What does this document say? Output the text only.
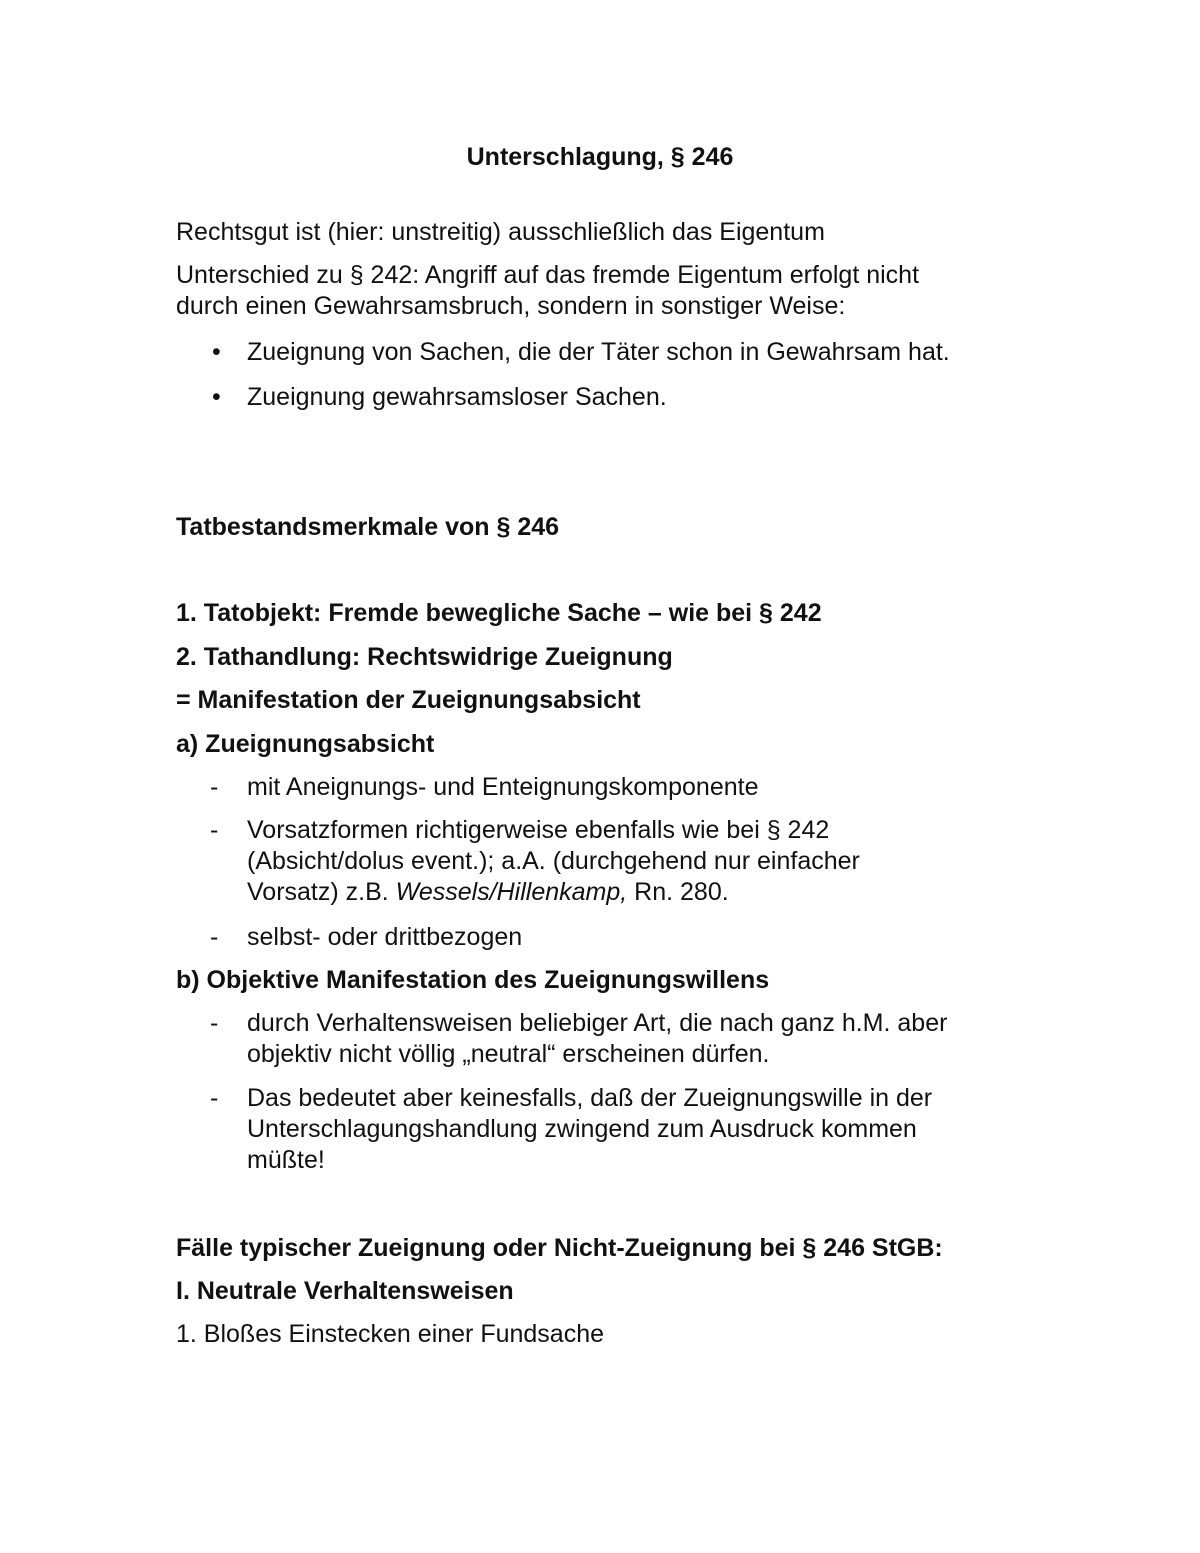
Unterschlagung, § 246

Rechtsgut ist (hier: unstreitig) ausschließlich das Eigentum

Unterschied zu § 242: Angriff auf das fremde Eigentum erfolgt nicht

durch einen Gewahrsamsbruch, sondern in sonstiger Weise:

• Zueignung von Sachen, die der Täter schon in Gewahrsam hat.

• Zueignung gewahrsamsloser Sachen.

Tatbestandsmerkmale von § 246

1. Tatobjekt: Fremde bewegliche Sache – wie bei § 242

2. Tathandlung: Rechtswidrige Zueignung

= Manifestation der Zueignungsabsicht

a) Zueignungsabsicht

- mit Aneignungs- und Enteignungskomponente

- Vorsatzformen richtigerweise ebenfalls wie bei § 242

(Absicht/dolus event.); a.A. (durchgehend nur einfacher

Vorsatz) z.B. Wessels/Hillenkamp, Rn. 280.

- selbst- oder drittbezogen

b) Objektive Manifestation des Zueignungswillens

- durch Verhaltensweisen beliebiger Art, die nach ganz h.M. aber

objektiv nicht völlig „neutral“ erscheinen dürfen.

- Das bedeutet aber keinesfalls, daß der Zueignungswille in der

Unterschlagungshandlung zwingend zum Ausdruck kommen

müßte!

Fälle typischer Zueignung oder Nicht-Zueignung bei § 246 StGB:

I. Neutrale Verhaltensweisen

1. Bloßes Einstecken einer Fundsache
